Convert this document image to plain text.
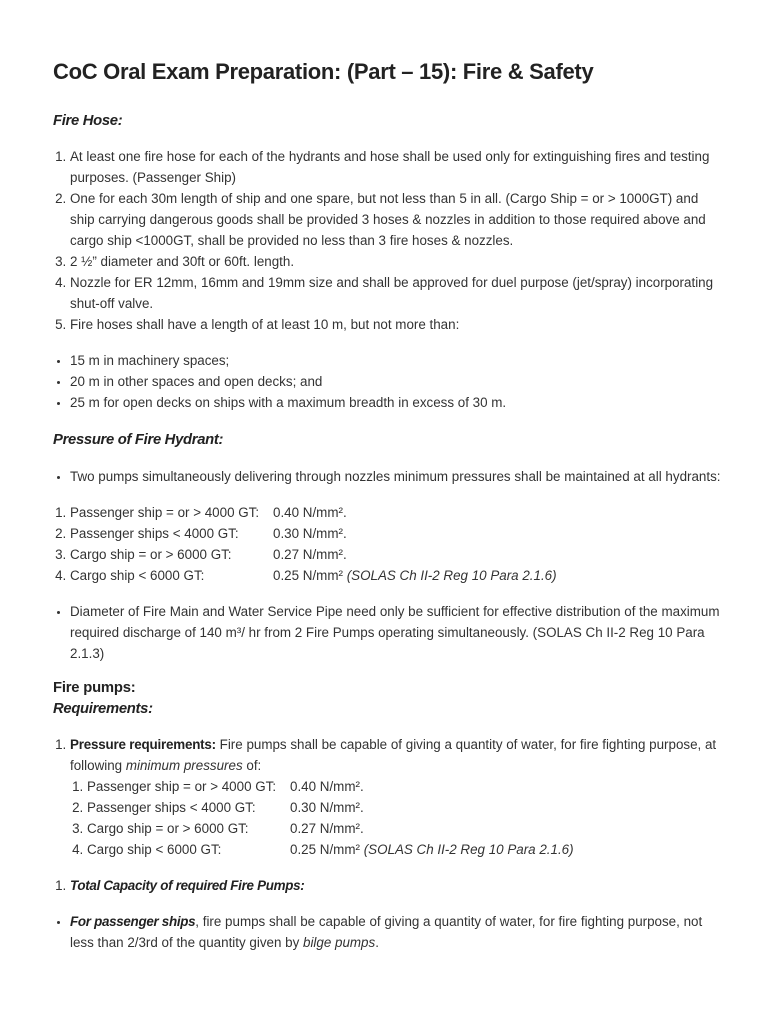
CoC Oral Exam Preparation: (Part – 15): Fire & Safety
Fire Hose:
1. At least one fire hose for each of the hydrants and hose shall be used only for extinguishing fires and testing purposes. (Passenger Ship)
2. One for each 30m length of ship and one spare, but not less than 5 in all. (Cargo Ship = or > 1000GT) and ship carrying dangerous goods shall be provided 3 hoses & nozzles in addition to those required above and cargo ship <1000GT, shall be provided no less than 3 fire hoses & nozzles.
3. 2 ½” diameter and 30ft or 60ft. length.
4. Nozzle for ER 12mm, 16mm and 19mm size and shall be approved for duel purpose (jet/spray) incorporating shut-off valve.
5. Fire hoses shall have a length of at least 10 m, but not more than:
• 15 m in machinery spaces;
• 20 m in other spaces and open decks; and
• 25 m for open decks on ships with a maximum breadth in excess of 30 m.
Pressure of Fire Hydrant:
• Two pumps simultaneously delivering through nozzles minimum pressures shall be maintained at all hydrants:
1. Passenger ship = or > 4000 GT: 0.40 N/mm².
2. Passenger ships < 4000 GT:	0.30 N/mm².
3. Cargo ship = or > 6000 GT:	0.27 N/mm².
4. Cargo ship < 6000 GT:	0.25 N/mm² (SOLAS Ch II-2 Reg 10 Para 2.1.6)
• Diameter of Fire Main and Water Service Pipe need only be sufficient for effective distribution of the maximum required discharge of 140 m³/ hr from 2 Fire Pumps operating simultaneously. (SOLAS Ch II-2 Reg 10 Para 2.1.3)
Fire pumps:
Requirements:
1. Pressure requirements: Fire pumps shall be capable of giving a quantity of water, for fire fighting purpose, at following minimum pressures of:
1. Passenger ship = or > 4000 GT: 0.40 N/mm².
2. Passenger ships < 4000 GT:	0.30 N/mm².
3. Cargo ship = or > 6000 GT:	0.27 N/mm².
4. Cargo ship < 6000 GT:	0.25 N/mm² (SOLAS Ch II-2 Reg 10 Para 2.1.6)
1. Total Capacity of required Fire Pumps:
• For passenger ships, fire pumps shall be capable of giving a quantity of water, for fire fighting purpose, not less than 2/3rd of the quantity given by bilge pumps.
